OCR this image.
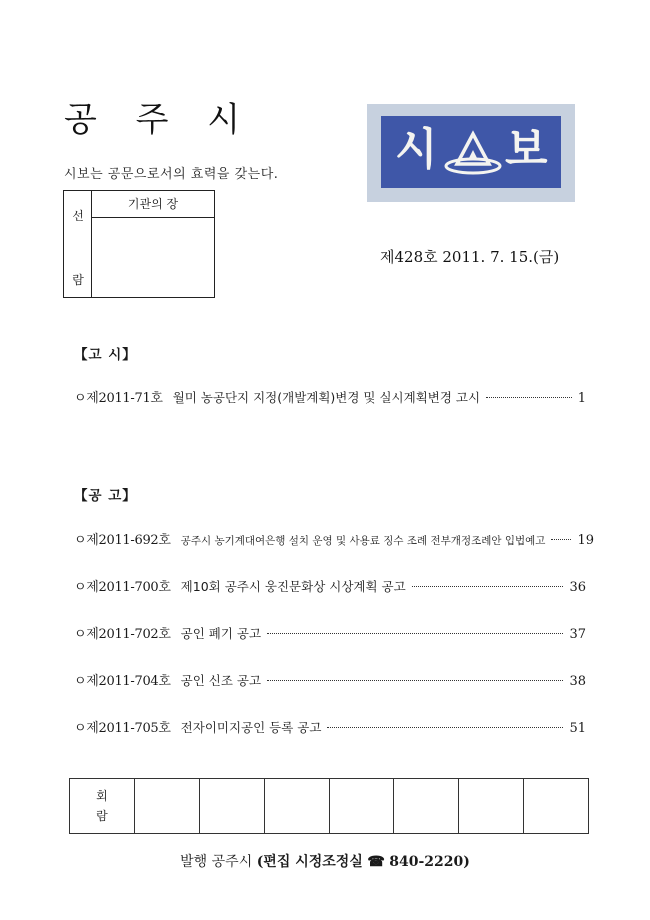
공 주 시
시보는 공문으로서의 효력을 갖는다.
선
람
기관의 장
시 보
제428호 2011. 7. 15.(금)
【고 시】
ㅇ제2011-71호 월미 농공단지 지정(개발계획)변경 및 실시계획변경 고시	1
【공 고】
ㅇ제2011-692호 공주시 농기계대여은행 설치 운영 및 사용료 징수 조례 전부개정조례안 입법예고 19
ㅇ제2011-700호 제10회 공주시 웅진문화상 시상계획 공고	36
ㅇ제2011-702호 공인 폐기 공고	37
ㅇ제2011-704호 공인 신조 공고	38
ㅇ제2011-705호 전자이미지공인 등록 공고	51
회
람
발행 공주시 (편집 시정조정실 ☎ 840-2220)
